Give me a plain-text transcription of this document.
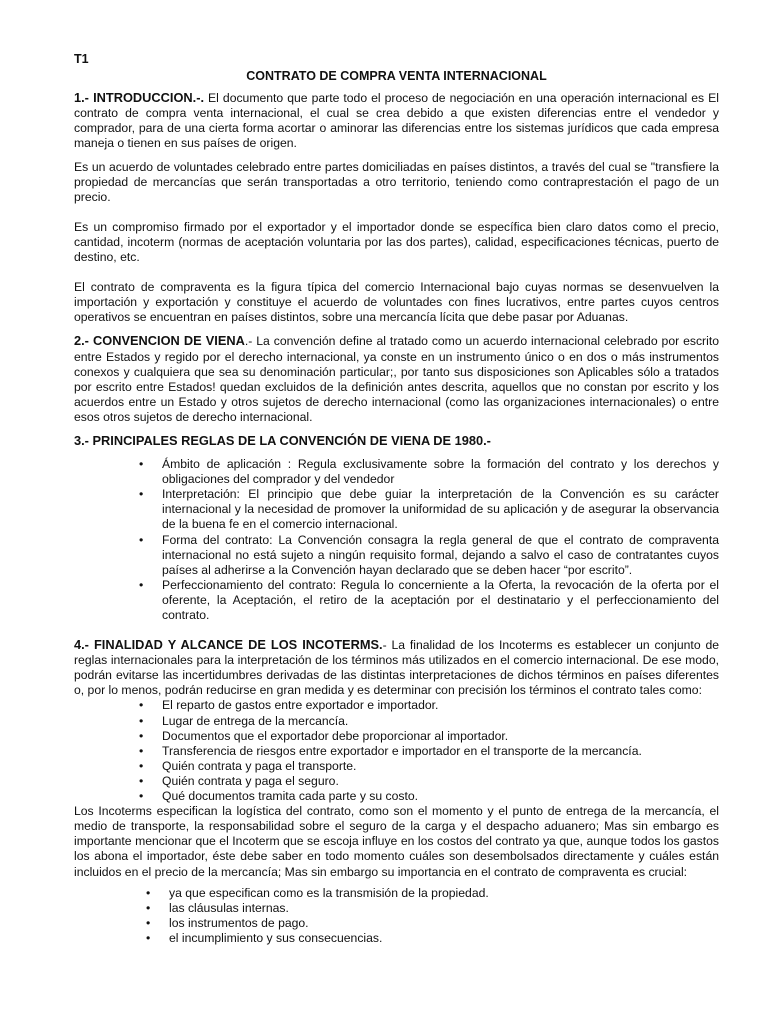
T1
CONTRATO DE COMPRA VENTA INTERNACIONAL

1.- INTRODUCCION.-. El documento que parte todo el proceso de negociación en una operación internacional es El contrato de compra venta internacional, el cual se crea debido a que existen diferencias entre el vendedor y comprador, para de una cierta forma acortar o aminorar las diferencias entre los sistemas jurídicos que cada empresa maneja o tienen en sus países de origen.

Es un acuerdo de voluntades celebrado entre partes domiciliadas en países distintos, a través del cual se "transfiere la propiedad de mercancías que serán transportadas a otro territorio, teniendo como contraprestación el pago de un precio.

Es un compromiso firmado por el exportador y el importador donde se específica bien claro datos como el precio, cantidad, incoterm (normas de aceptación voluntaria por las dos partes), calidad, especificaciones técnicas, puerto de destino, etc.

El contrato de compraventa es la figura típica del comercio Internacional bajo cuyas normas se desenvuelven la importación y exportación y constituye el acuerdo de voluntades con fines lucrativos, entre partes cuyos centros operativos se encuentran en países distintos, sobre una mercancía lícita que debe pasar por Aduanas.

2.- CONVENCION DE VIENA.- La convención define al tratado como un acuerdo internacional celebrado por escrito entre Estados y regido por el derecho internacional, ya conste en un instrumento único o en dos o más instrumentos conexos y cualquiera que sea su denominación particular;, por tanto sus disposiciones son Aplicables sólo a tratados por escrito entre Estados! quedan excluidos de la definición antes descrita, aquellos que no constan por escrito y los acuerdos entre un Estado y otros sujetos de derecho internacional (como las organizaciones internacionales) o entre esos otros sujetos de derecho internacional.

3.- PRINCIPALES REGLAS DE LA CONVENCIÓN DE VIENA DE 1980.-

• Ámbito de aplicación : Regula exclusivamente sobre la formación del contrato y los derechos y obligaciones del comprador y del vendedor
• Interpretación: El principio que debe guiar la interpretación de la Convención es su carácter internacional y la necesidad de promover la uniformidad de su aplicación y de asegurar la observancia de la buena fe en el comercio internacional.
• Forma del contrato: La Convención consagra la regla general de que el contrato de compraventa internacional no está sujeto a ningún requisito formal, dejando a salvo el caso de contratantes cuyos países al adherirse a la Convención hayan declarado que se deben hacer “por escrito”.
• Perfeccionamiento del contrato: Regula lo concerniente a la Oferta, la revocación de la oferta por el oferente, la Aceptación, el retiro de la aceptación por el destinatario y el perfeccionamiento del contrato.

4.- FINALIDAD Y ALCANCE DE LOS INCOTERMS.- La finalidad de los Incoterms es establecer un conjunto de reglas internacionales para la interpretación de los términos más utilizados en el comercio internacional. De ese modo, podrán evitarse las incertidumbres derivadas de las distintas interpretaciones de dichos términos en países diferentes o, por lo menos, podrán reducirse en gran medida y es determinar con precisión los términos el contrato tales como:

• El reparto de gastos entre exportador e importador.
• Lugar de entrega de la mercancía.
• Documentos que el exportador debe proporcionar al importador.
• Transferencia de riesgos entre exportador e importador en el transporte de la mercancía.
• Quién contrata y paga el transporte.
• Quién contrata y paga el seguro.
• Qué documentos tramita cada parte y su costo.

Los Incoterms especifican la logística del contrato, como son el momento y el punto de entrega de la mercancía, el medio de transporte, la responsabilidad sobre el seguro de la carga y el despacho aduanero; Mas sin embargo es importante mencionar que el Incoterm que se escoja influye en los costos del contrato ya que, aunque todos los gastos los abona el importador, éste debe saber en todo momento cuáles son desembolsados directamente y cuáles están incluidos en el precio de la mercancía; Mas sin embargo su importancia en el contrato de compraventa es crucial:

• ya que especifican como es la transmisión de la propiedad.
• las cláusulas internas.
• los instrumentos de pago.
• el incumplimiento y sus consecuencias.
